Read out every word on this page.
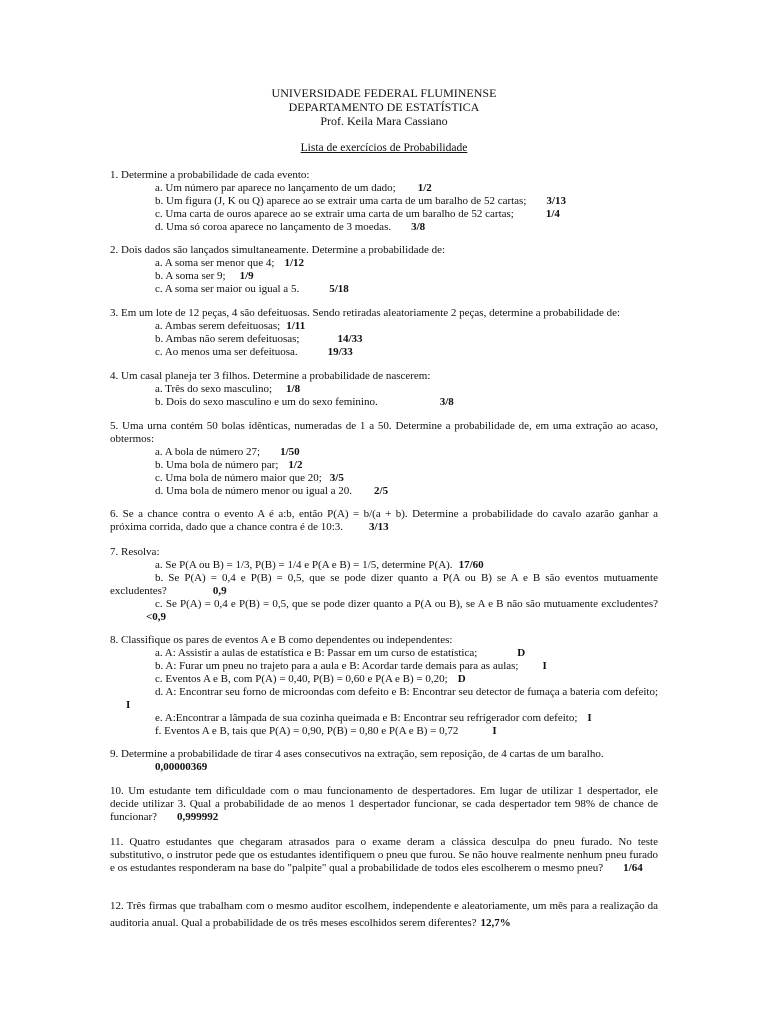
UNIVERSIDADE FEDERAL FLUMINENSE
DEPARTAMENTO DE ESTATÍSTICA
Prof. Keila Mara Cassiano
Lista de exercícios de Probabilidade
1. Determine a probabilidade de cada evento:
a. Um número par aparece no lançamento de um dado; 1/2
b. Um figura (J, K ou Q) aparece ao se extrair uma carta de um baralho de 52 cartas; 3/13
c. Uma carta de ouros aparece ao se extrair uma carta de um baralho de 52 cartas;	1/4
d. Uma só coroa aparece no lançamento de 3 moedas. 3/8
2. Dois dados são lançados simultaneamente. Determine a probabilidade de:
a. A soma ser menor que 4; 1/12
b. A soma ser 9; 1/9
c. A soma ser maior ou igual a 5.	5/18
3. Em um lote de 12 peças, 4 são defeituosas. Sendo retiradas aleatoriamente 2 peças, determine a probabilidade de:
a. Ambas serem defeituosas; 1/11
b. Ambas não serem defeituosas;	14/33
c. Ao menos uma ser defeituosa.	19/33
4. Um casal planeja ter 3 filhos. Determine a probabilidade de nascerem:
a. Três do sexo masculino; 1/8
b. Dois do sexo masculino e um do sexo feminino.	3/8
5. Uma urna contém 50 bolas idênticas, numeradas de 1 a 50. Determine a probabilidade de, em uma extração ao acaso, obtermos:
a. A bola de número 27; 1/50
b. Uma bola de número par; 1/2
c. Uma bola de número maior que 20; 3/5
d. Uma bola de número menor ou igual a 20. 2/5
6. Se a chance contra o evento A é a:b, então P(A) = b/(a + b). Determine a probabilidade do cavalo azarão ganhar a próxima corrida, dado que a chance contra é de 10:3. 3/13
7. Resolva:
a. Se P(A ou B) = 1/3, P(B) = 1/4 e P(A e B) = 1/5, determine P(A). 17/60
b. Se P(A) = 0,4 e P(B) = 0,5, que se pode dizer quanto a P(A ou B) se A e B são eventos mutuamente excludentes?	0,9
c. Se P(A) = 0,4 e P(B) = 0,5, que se pode dizer quanto a P(A ou B), se A e B não são mutuamente excludentes?<0,9
8. Classifique os pares de eventos A e B como dependentes ou independentes:
a. A: Assistir a aulas de estatística e B: Passar em um curso de estatística;	D
b. A: Furar um pneu no trajeto para a aula e B: Acordar tarde demais para as aulas; I
c. Eventos A e B, com P(A) = 0,40, P(B) = 0,60 e P(A e B) = 0,20; D
d. A: Encontrar seu forno de microondas com defeito e B: Encontrar seu detector de fumaça a bateria com defeito;I
e. A:Encontrar a lâmpada de sua cozinha queimada e B: Encontrar seu refrigerador com defeito; I
f. Eventos A e B, tais que P(A) = 0,90, P(B) = 0,80 e P(A e B) = 0,72	I
9. Determine a probabilidade de tirar 4 ases consecutivos na extração, sem reposição, de 4 cartas de um baralho.
0,00000369
10. Um estudante tem dificuldade com o mau funcionamento de despertadores. Em lugar de utilizar 1 despertador, ele decide utilizar 3. Qual a probabilidade de ao menos 1 despertador funcionar, se cada despertador tem 98% de chance de funcionar? 0,999992
11. Quatro estudantes que chegaram atrasados para o exame deram a clássica desculpa do pneu furado. No teste substitutivo, o instrutor pede que os estudantes identifiquem o pneu que furou. Se não houve realmente nenhum pneu furado e os estudantes responderam na base do "palpite" qual a probabilidade de todos eles escolherem o mesmo pneu? 1/64
12. Três firmas que trabalham com o mesmo auditor escolhem, independente e aleatoriamente, um mês para a realização da auditoria anual. Qual a probabilidade de os três meses escolhidos serem diferentes? 12,7%
